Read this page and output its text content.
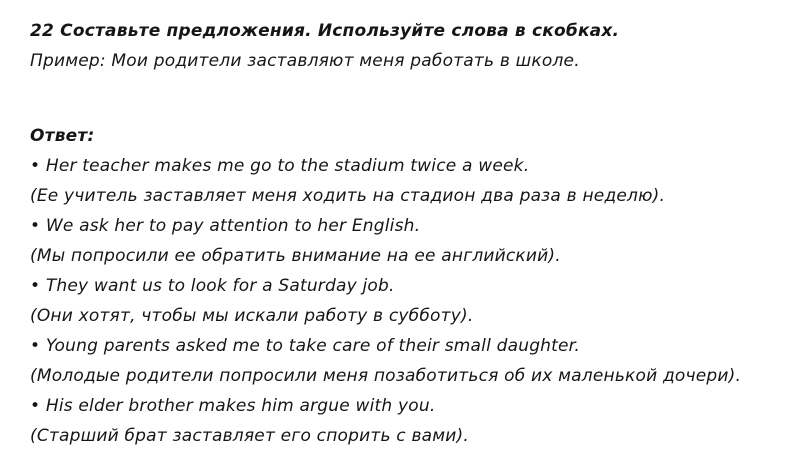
22 Составьте предложения. Используйте слова в скобках.
Пример: Мои родители заставляют меня работать в школе.
Ответ:
• Her teacher makes me go to the stadium twice a week.
(Ее учитель заставляет меня ходить на стадион два раза в неделю).
• We ask her to pay attention to her English.
(Мы попросили ее обратить внимание на ее английский).
• They want us to look for a Saturday job.
(Они хотят, чтобы мы искали работу в субботу).
• Young parents asked me to take care of their small daughter.
(Молодые родители попросили меня позаботиться об их маленькой дочери).
• His elder brother makes him argue with you.
(Старший брат заставляет его спорить с вами).
